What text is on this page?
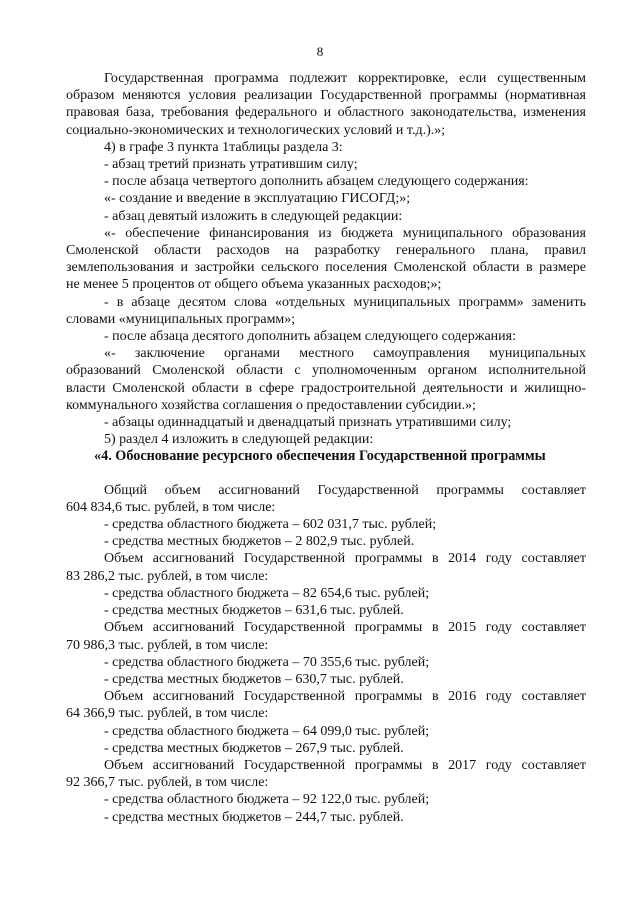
8

Государственная программа подлежит корректировке, если существенным

образом меняются условия реализации Государственной программы (нормативная

правовая база, требования федерального и областного законодательства, изменения

социально-экономических и технологических условий и т.д.).»;

4) в графе 3 пункта 1таблицы раздела 3:

- абзац третий признать утратившим силу;

- после абзаца четвертого дополнить абзацем следующего содержания:

«- создание и введение в эксплуатацию ГИСОГД;»;

- абзац девятый изложить в следующей редакции:

«- обеспечение финансирования из бюджета муниципального образования

Смоленской области расходов на разработку генерального плана, правил

землепользования и застройки сельского поселения Смоленской области в размере

не менее 5 процентов от общего объема указанных расходов;»;

- в абзаце десятом слова «отдельных муниципальных программ» заменить

словами «муниципальных программ»;

- после абзаца десятого дополнить абзацем следующего содержания:

«- заключение органами местного самоуправления муниципальных

образований Смоленской области с уполномоченным органом исполнительной

власти Смоленской области в сфере градостроительной деятельности и жилищно-

коммунального хозяйства соглашения о предоставлении субсидии.»;

- абзацы одиннадцатый и двенадцатый признать утратившими силу;

5) раздел 4 изложить в следующей редакции:

«4. Обоснование ресурсного обеспечения Государственной программы

Общий объем ассигнований Государственной программы составляет

604 834,6 тыс. рублей, в том числе:

- средства областного бюджета – 602 031,7 тыс. рублей;

- средства местных бюджетов – 2 802,9 тыс. рублей.

Объем ассигнований Государственной программы в 2014 году составляет

83 286,2 тыс. рублей, в том числе:

- средства областного бюджета – 82 654,6 тыс. рублей;

- средства местных бюджетов – 631,6 тыс. рублей.

Объем ассигнований Государственной программы в 2015 году составляет

70 986,3 тыс. рублей, в том числе:

- средства областного бюджета – 70 355,6 тыс. рублей;

- средства местных бюджетов – 630,7 тыс. рублей.

Объем ассигнований Государственной программы в 2016 году составляет

64 366,9 тыс. рублей, в том числе:

- средства областного бюджета – 64 099,0 тыс. рублей;

- средства местных бюджетов – 267,9 тыс. рублей.

Объем ассигнований Государственной программы в 2017 году составляет

92 366,7 тыс. рублей, в том числе:

- средства областного бюджета – 92 122,0 тыс. рублей;

- средства местных бюджетов – 244,7 тыс. рублей.
